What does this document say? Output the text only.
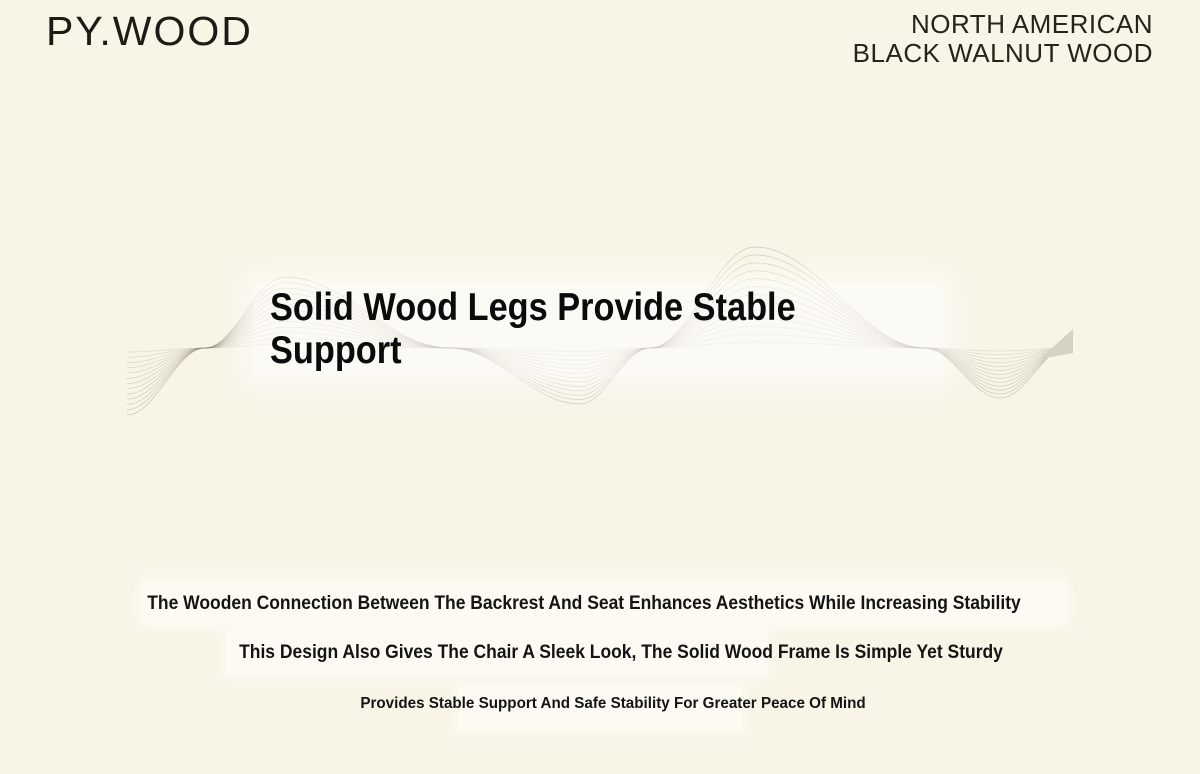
PY.WOOD	NORTH AMERICAN
BLACK WALNUT WOOD
Solid Wood Legs Provide Stable
Support
The Wooden Connection Between The Backrest And Seat Enhances Aesthetics While Increasing Stability
This Design Also Gives The Chair A Sleek Look, The Solid Wood Frame Is Simple Yet Sturdy
Provides Stable Support And Safe Stability For Greater Peace Of Mind
